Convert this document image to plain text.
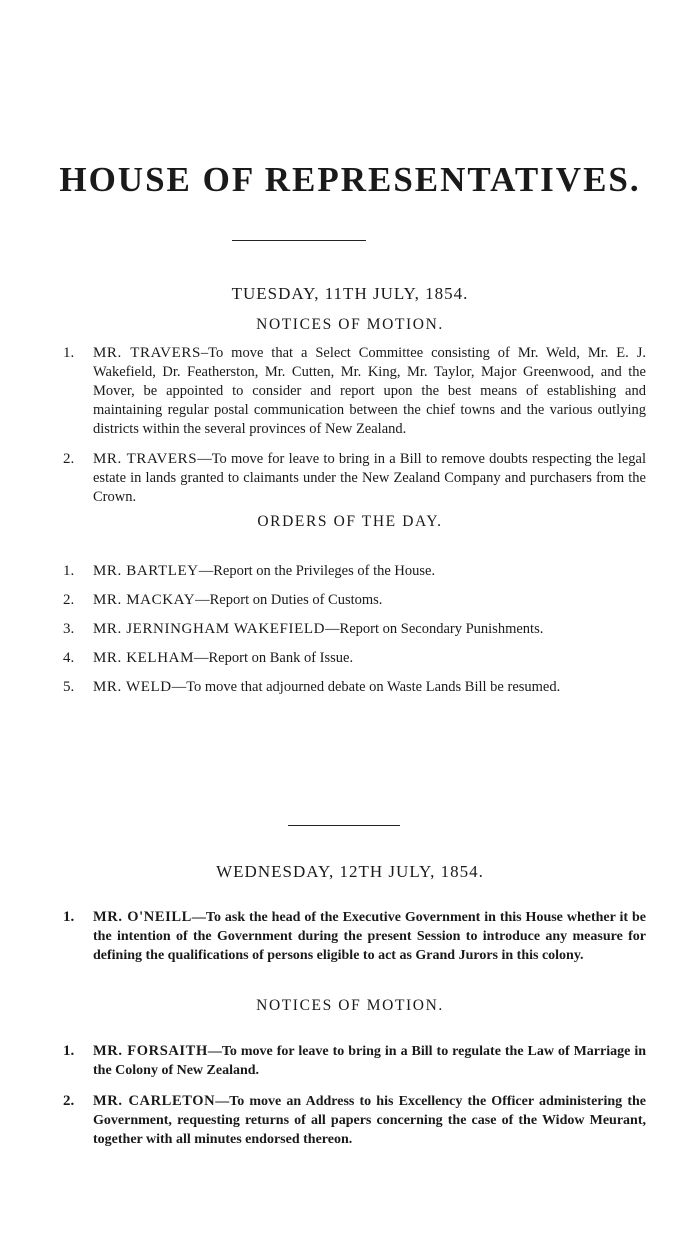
HOUSE OF REPRESENTATIVES.
TUESDAY, 11TH JULY, 1854.
NOTICES OF MOTION.
1. MR. TRAVERS–To move that a Select Committee consisting of Mr. Weld, Mr. E. J. Wakefield, Dr. Featherston, Mr. Cutten, Mr. King, Mr. Taylor, Major Greenwood, and the Mover, be appointed to consider and report upon the best means of establishing and maintaining regular postal communication between the chief towns and the various outlying districts within the several provinces of New Zealand.
2. MR. TRAVERS—To move for leave to bring in a Bill to remove doubts respecting the legal estate in lands granted to claimants under the New Zealand Company and purchasers from the Crown.
ORDERS OF THE DAY.
1. MR. BARTLEY—Report on the Privileges of the House.
2. MR. MACKAY—Report on Duties of Customs.
3. MR. JERNINGHAM WAKEFIELD—Report on Secondary Punishments.
4. MR. KELHAM—Report on Bank of Issue.
5. MR. WELD—To move that adjourned debate on Waste Lands Bill be resumed.
WEDNESDAY, 12TH JULY, 1854.
1. MR. O'NEILL—To ask the head of the Executive Government in this House whether it be the intention of the Government during the present Session to introduce any measure for defining the qualifications of persons eligible to act as Grand Jurors in this colony.
NOTICES OF MOTION.
1. MR. FORSAITH—To move for leave to bring in a Bill to regulate the Law of Marriage in the Colony of New Zealand.
2. MR. CARLETON—To move an Address to his Excellency the Officer administering the Government, requesting returns of all papers concerning the case of the Widow Meurant, together with all minutes endorsed thereon.
